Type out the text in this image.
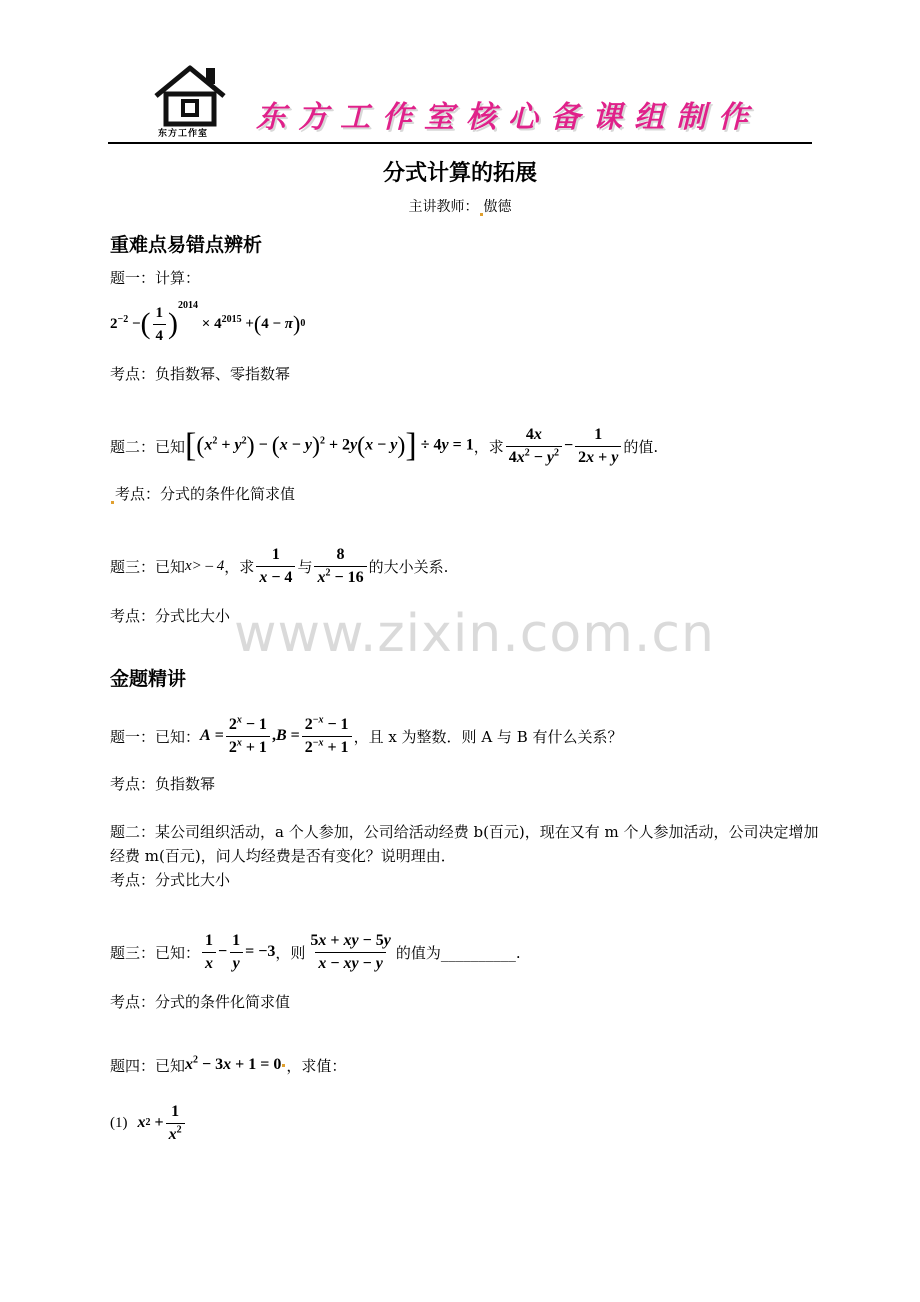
东方工作室 东方工作室核心备课组制作
分式计算的拓展
主讲教师： 傲德
重难点易错点辨析
题一：计算：
$2^{-2}$ − ( $\frac{1}{4}$ )
$^{2014}$
× $4^{2015}$ + ( 4 − π ) 0
考点：负指数幂、零指数幂
题二：已知 $[(x^2 + y^2) - (x - y)^2 + 2y(x - y)] \div 4y = 1$ ，求 $\frac{4x}{4x^2 - y^2} - \frac{1}{2x + y}$ 的值.
考点：分式的条件化简求值
题三：已知 x> – 4 ，求 $\frac{1}{x - 4}$ 与 $\frac{8}{x^2 - 16}$ 的大小关系.
考点：分式比大小 www.zixin.com.cn
金题精讲
题一：已知： $A = \frac{2^x - 1}{2^x + 1}$ , $B = \frac{2^{-x} - 1}{2^{-x} + 1}$ ，且 x 为整数．则 A 与 B 有什么关系？
考点：负指数幂
题二：某公司组织活动，a 个人参加，公司给活动经费 b(百元)，现在又有 m 个人参加活动，公司决定增加经费 m(百元)，问人均经费是否有变化？说明理由．
考点：分式比大小
题三：已知： $\frac{1}{x} - \frac{1}{y} = -3$ ，则 $\frac{5x + xy - 5y}{x - xy - y}$ 的值为__________.
考点：分式的条件化简求值
题四：已知 $x^2 - 3x + 1 = 0$ ，求值：
(1) x $2 + \frac{1}{x^2}$
